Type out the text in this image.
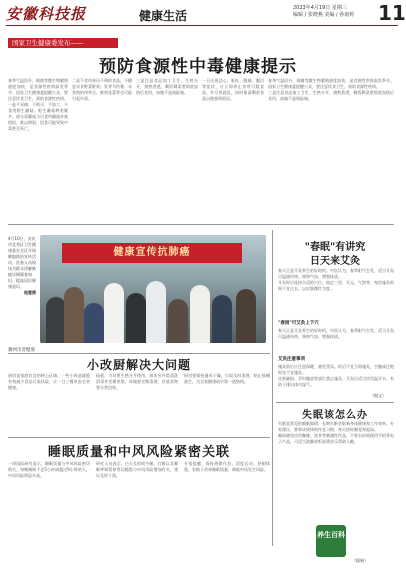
安徽科技报	健康生活
2023年4月19日 星期三
编辑 / 张晓燕 美编 / 孙雨婷 11
国家卫生健康委发布——
预防食源性中毒健康提示

春季气温回升，细菌等微生物繁殖速度加快，是食源性疾病高发季节。国家卫生健康委提醒公众，要注意饮食卫生，预防食源性疾病。

一是不采摘、不购买、不加工、不食用野生蘑菇。野生蘑菇种类繁多，部分毒蘑菇与可食用蘑菇外观相似，难以辨别，误食可能导致中毒甚至死亡。

二是不食用来历不明的食品，不随意采食野菜野果。发芽马铃薯、未煮熟的四季豆、鲜黄花菜等也可能引起中毒。

三是注意食品加工卫生，生熟分开，烧熟煮透，剩饭剩菜要彻底加热后食用，冰箱不是保险箱。

一旦出现恶心、呕吐、腹痛、腹泻等症状，应立即停止食用可疑食品，并尽快就医，同时保留剩余食品以便查明原因。

春季气温回升，细菌等微生物繁殖速度加快，是食源性疾病高发季节。国家卫生健康委提醒公众，要注意饮食卫生，预防食源性疾病。

三是注意食品加工卫生，生熟分开，烧熟煮透，剩饭剩菜要彻底加热后食用，冰箱不是保险箱。

4月10日，安庆市宜秀区卫生健康委在全区开展肺癌防治宣传活动，医务人员现场为群众讲解肺癌早期筛查知识，提高居民健康意识。
程蕾摄
健康宣传抗肺癌
冀州市者健康
"春眠"有讲究
日天来艾灸

春天正是艾灸养生的好时机。中医认为，春季阳气生发，适当艾灸可温通经络、调和气血、增强体质。

艾灸时应选择合适的穴位，如足三里、关元、气海等，每次施灸时间不宜过长，以皮肤微红为度。

"春困"可艾灸上下穴

春天正是艾灸养生的好时机。中医认为，春季阳气生发，适当艾灸可温通经络、调和气血、增强体质。

艾灸注意事项

施灸前后应注意保暖，避免受风。饭后不宜立即施灸，空腹或过饱时也不宜施灸。

皮肤破损、孕妇腹部等部位禁止施灸，艾灸后适当饮用温开水，有助于排出体内湿气。

（据文）
失眠该怎么办

失眠是常见的睡眠障碍，长期失眠会影响身体健康和工作效率。专家建议，要养成规律的作息习惯，每天按时睡觉和起床。

睡前避免饮用咖啡、浓茶等刺激性饮品，不要长时间使用手机等电子产品，可适当泡脚或听舒缓音乐帮助入睡。

养生百科
（据新）
小改厨解决大问题

厨房是家庭饮食的核心区域，一些小改造就能有效减少食品污染风险，让一日三餐更安全更健康。

砧板、刀具要生熟分开使用，抹布应经常清洗消毒并定期更换，冰箱要定期清理，存放食物要分类包装。

厨房要保持通风干燥，垃圾及时清理，防止蚊蝇滋生，为全家健康筑牢第一道防线。

睡眠质量和中风风险紧密关联

一项国际研究显示，睡眠质量与中风风险密切相关。每晚睡眠不足5小时或超过9小时的人，中风风险明显升高。

研究人员表示，白天长时间午睡、打鼾以及睡眠呼吸暂停等问题都与中风风险增加有关，建议及时干预。

专家提醒，保持规律作息、适度运动、控制体重，有助于改善睡眠质量，降低中风发生风险。
